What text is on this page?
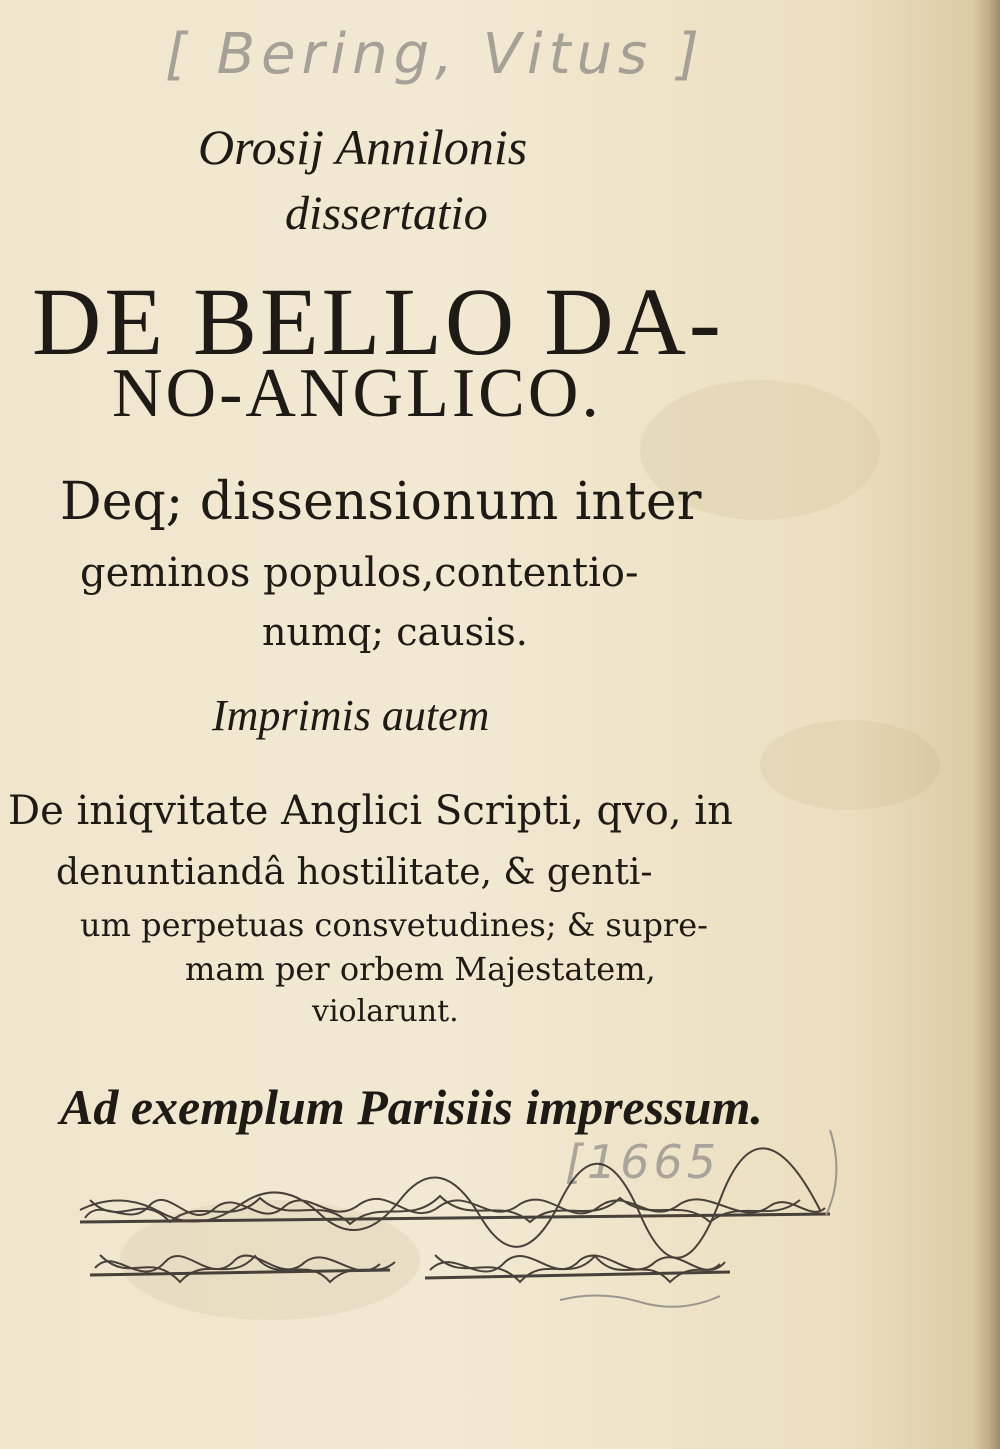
[ Bering, Vitus ]
[1665

Orosij Annilonis

dissertatio

DE BELLO DA-

NO-ANGLICO.

Deq; dissensionum inter

geminos populos,contentio-

numq; causis.

Imprimis autem

De iniqvitate Anglici Scripti, qvo, in

denuntiandâ hostilitate, & genti-

um perpetuas consvetudines; & supre-

mam per orbem Majestatem,

violarunt.

Ad exemplum Parisiis impressum.
